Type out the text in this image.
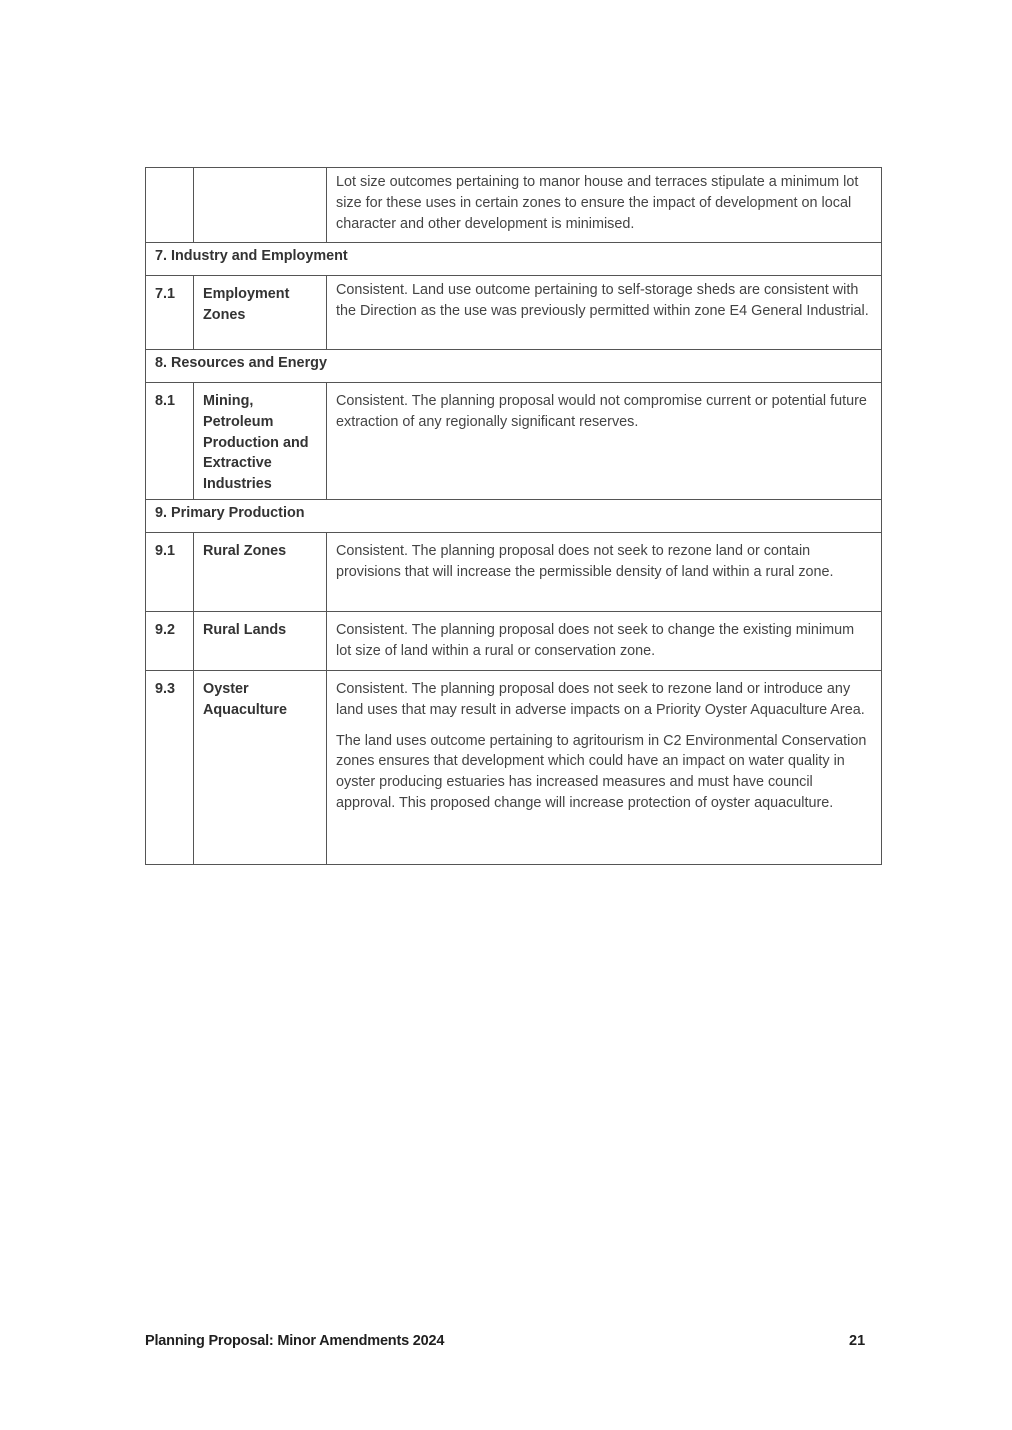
		Lot size outcomes pertaining to manor house and terraces stipulate a minimum lot size for these uses in certain zones to ensure the impact of development on local character and other development is minimised.

7. Industry and Employment		
7.1	Employment Zones	Consistent. Land use outcome pertaining to self-storage sheds are consistent with the Direction as the use was previously permitted within zone E4 General Industrial.

8. Resources and Energy		
8.1	Mining, Petroleum Production and Extractive Industries	Consistent. The planning proposal would not compromise current or potential future extraction of any regionally significant reserves.

9. Primary Production		
9.1	Rural Zones	Consistent. The planning proposal does not seek to rezone land or contain provisions that will increase the permissible density of land within a rural zone.

9.2	Rural Lands	Consistent. The planning proposal does not seek to change the existing minimum lot size of land within a rural or conservation zone.

9.3	Oyster Aquaculture	Consistent. The planning proposal does not seek to rezone land or introduce any land uses that may result in adverse impacts on a Priority Oyster Aquaculture Area.

The land uses outcome pertaining to agritourism in C2 Environmental Conservation zones ensures that development which could have an impact on water quality in oyster producing estuaries has increased measures and must have council approval. This proposed change will increase protection of oyster aquaculture.

Planning Proposal: Minor Amendments 2024	21
